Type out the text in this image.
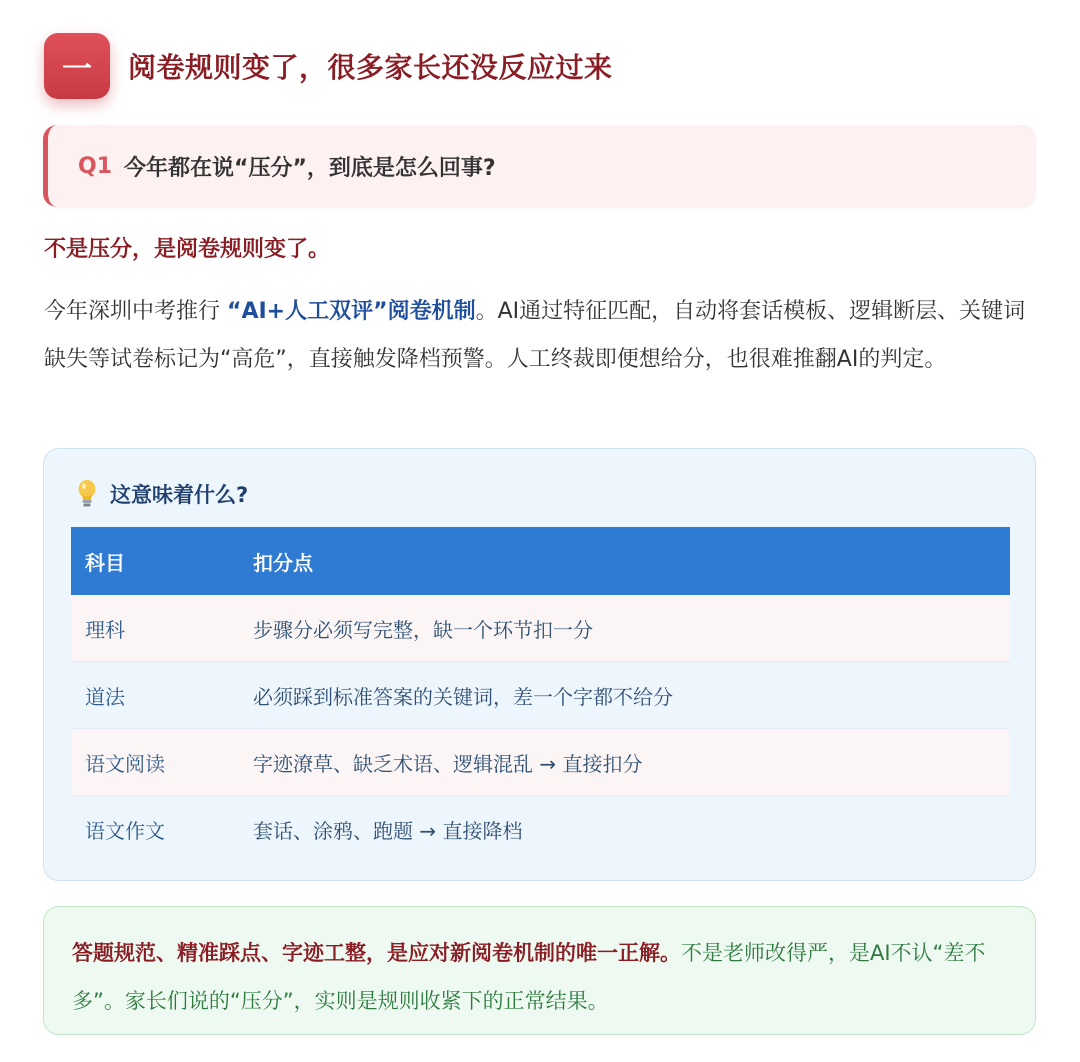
一	阅卷规则变了，很多家长还没反应过来
Q1 今年都在说“压分”，到底是怎么回事?
不是压分，是阅卷规则变了。
今年深圳中考推行 “AI+人工双评”阅卷机制。AI通过特征匹配，自动将套话模板、逻辑断层、关键词缺失等试卷标记为“高危”，直接触发降档预警。人工终裁即便想给分，也很难推翻AI的判定。
这意味着什么?
科目	扣分点
理科	步骤分必须写完整，缺一个环节扣一分
道法	必须踩到标准答案的关键词，差一个字都不给分
语文阅读	字迹潦草、缺乏术语、逻辑混乱 → 直接扣分
语文作文	套话、涂鸦、跑题 → 直接降档
答题规范、精准踩点、字迹工整，是应对新阅卷机制的唯一正解。不是老师改得严，是AI不认“差不多”。家长们说的“压分”，实则是规则收紧下的正常结果。
